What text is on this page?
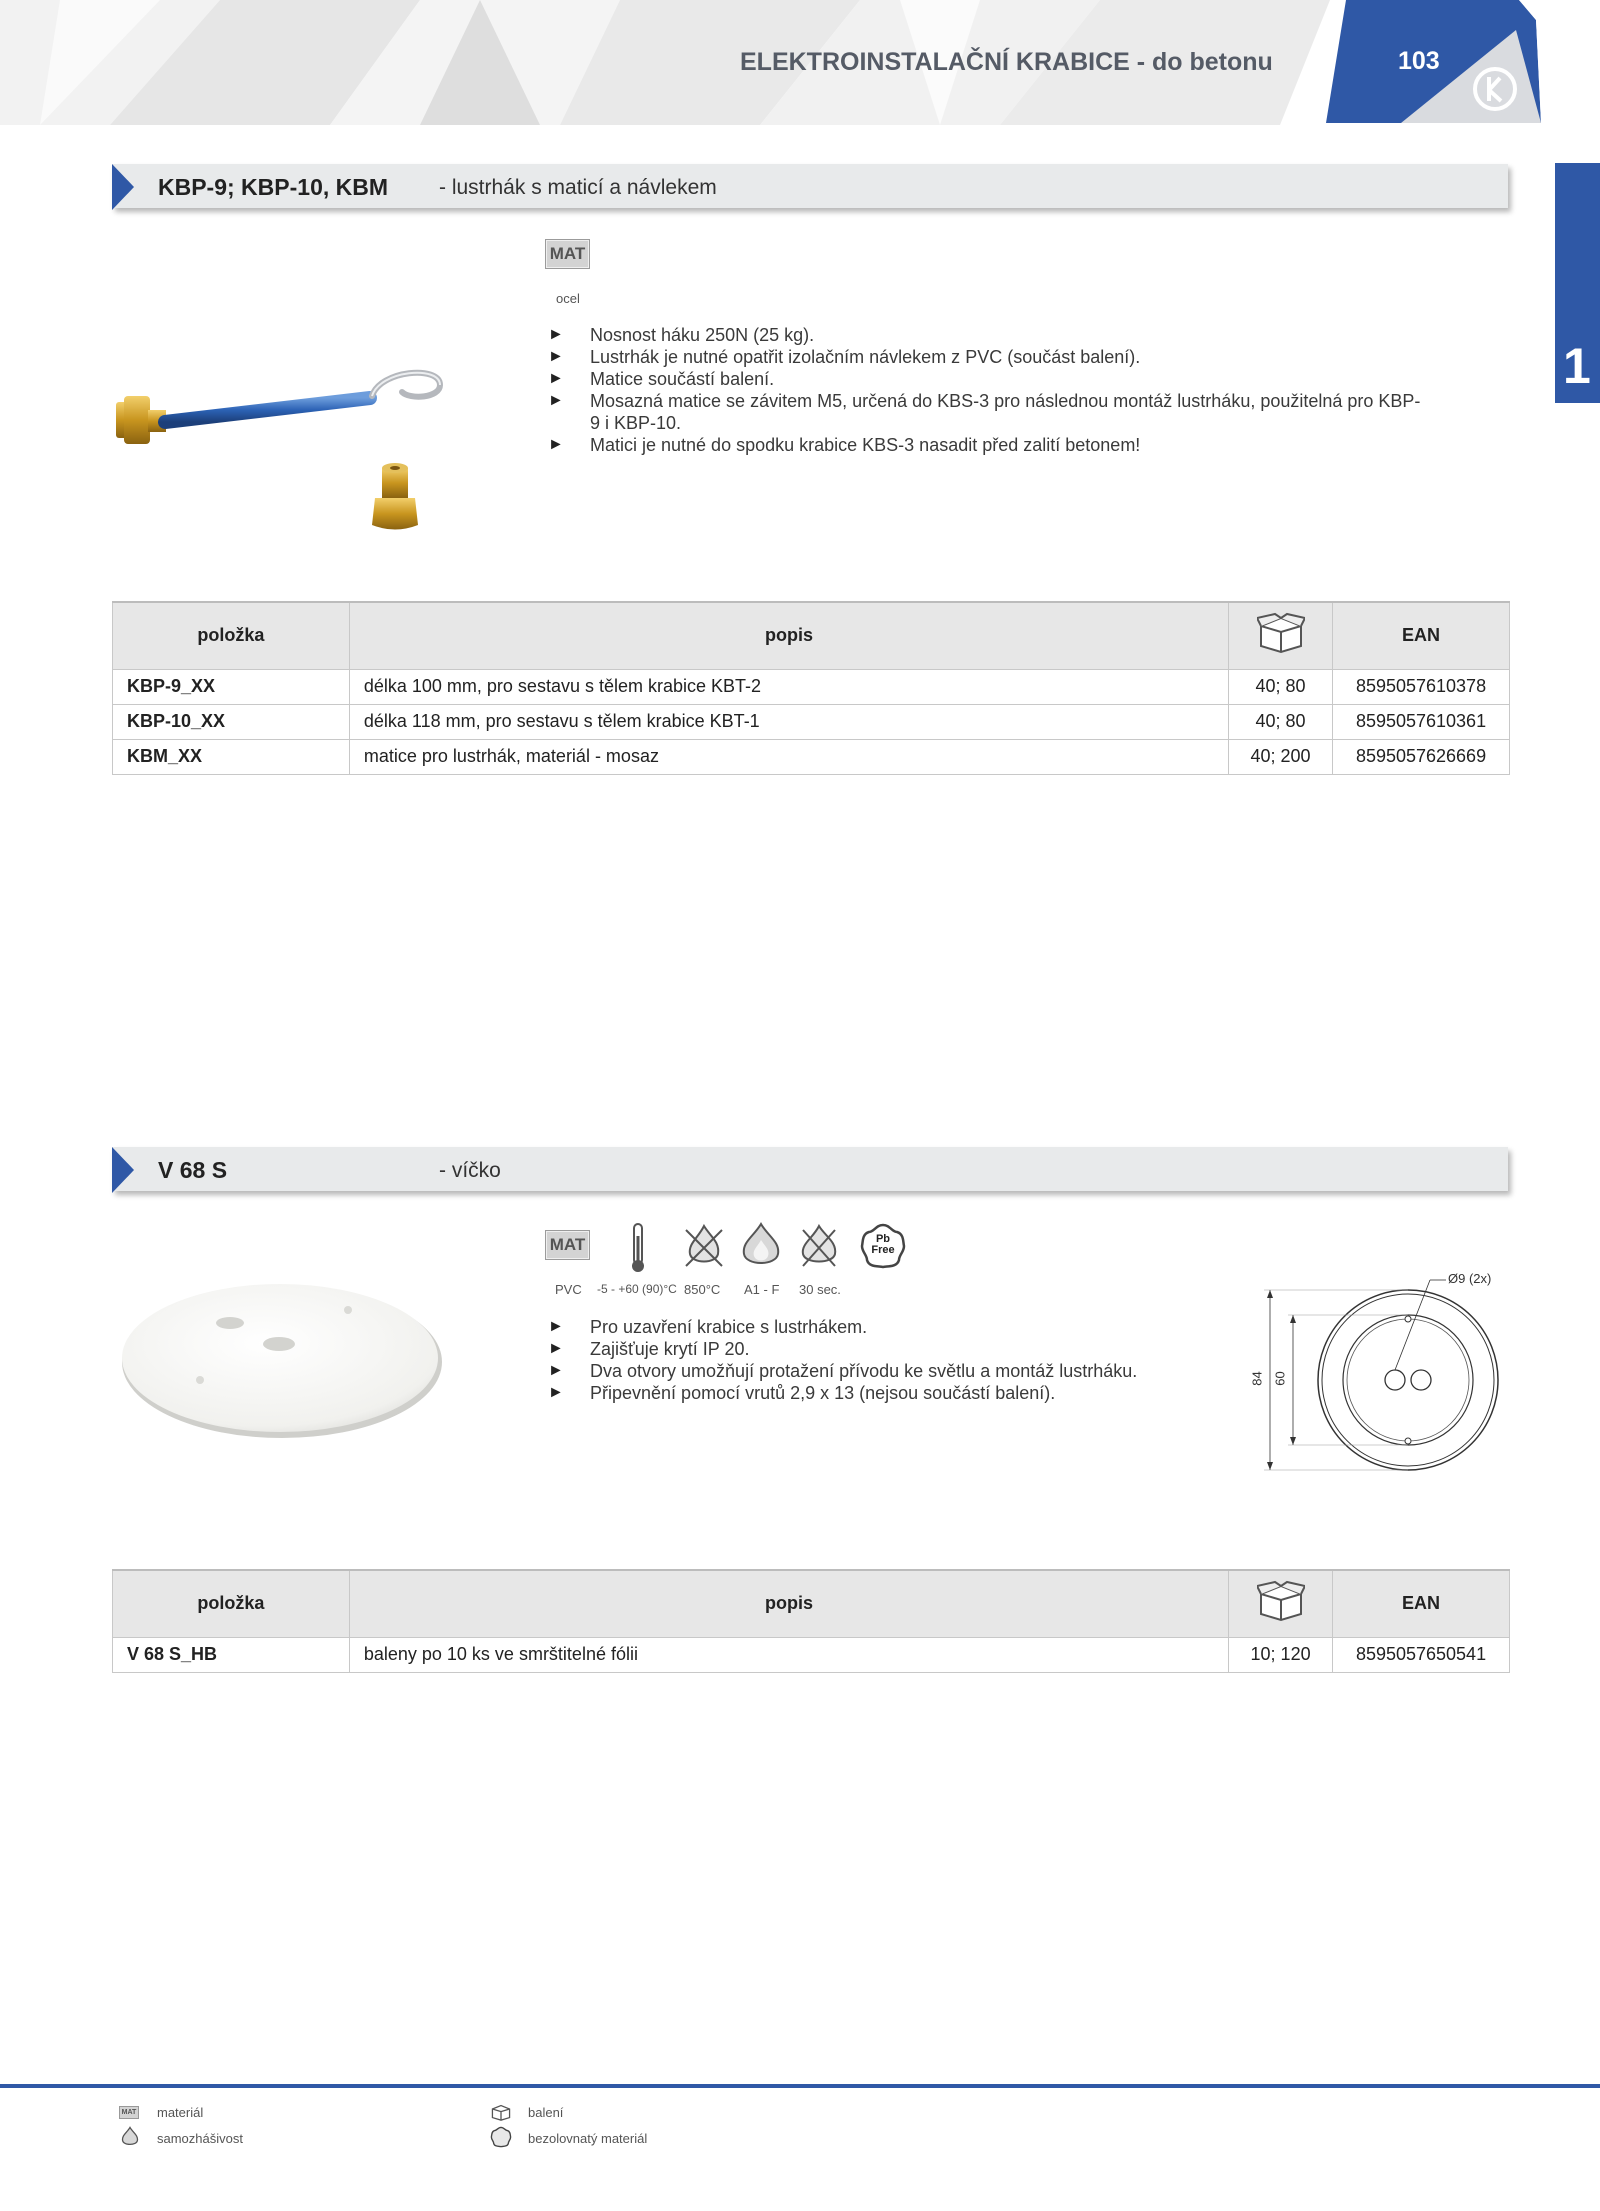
ELEKTROINSTALAČNÍ KRABICE - do betonu	103
1
KBP-9; KBP-10, KBM - lustrhák s maticí a návlekem
MAT
ocel
► Nosnost háku 250N (25 kg).
► Lustrhák je nutné opatřit izolačním návlekem z PVC (součást balení).
► Matice součástí balení.
► Mosazná matice se závitem M5, určená do KBS-3 pro následnou montáž lustrháku, použitelná pro KBP-9 i KBP-10.
► Matici je nutné do spodku krabice KBS-3 nasadit před zalití betonem!
položka	popis		EAN
KBP-9_XX	délka 100 mm, pro sestavu s tělem krabice KBT-2	40; 80	8595057610378
KBP-10_XX	délka 118 mm, pro sestavu s tělem krabice KBT-1	40; 80	8595057610361
KBM_XX	matice pro lustrhák, materiál - mosaz	40; 200	8595057626669
V 68 S	- víčko
MAT	Pb Free
PVC -5 - +60 (90)°C 850°C A1 - F 30 sec.
► Pro uzavření krabice s lustrhákem.
► Zajišťuje krytí IP 20.
► Dva otvory umožňují protažení přívodu ke světlu a montáž lustrháku.
► Připevnění pomocí vrutů 2,9 x 13 (nejsou součástí balení).
Ø9 (2x)
84 60
položka	popis		EAN
V 68 S_HB	baleny po 10 ks ve smrštitelné fólii	10; 120	8595057650541
MAT materiál	balení
samozhášivost	bezolovnatý materiál
